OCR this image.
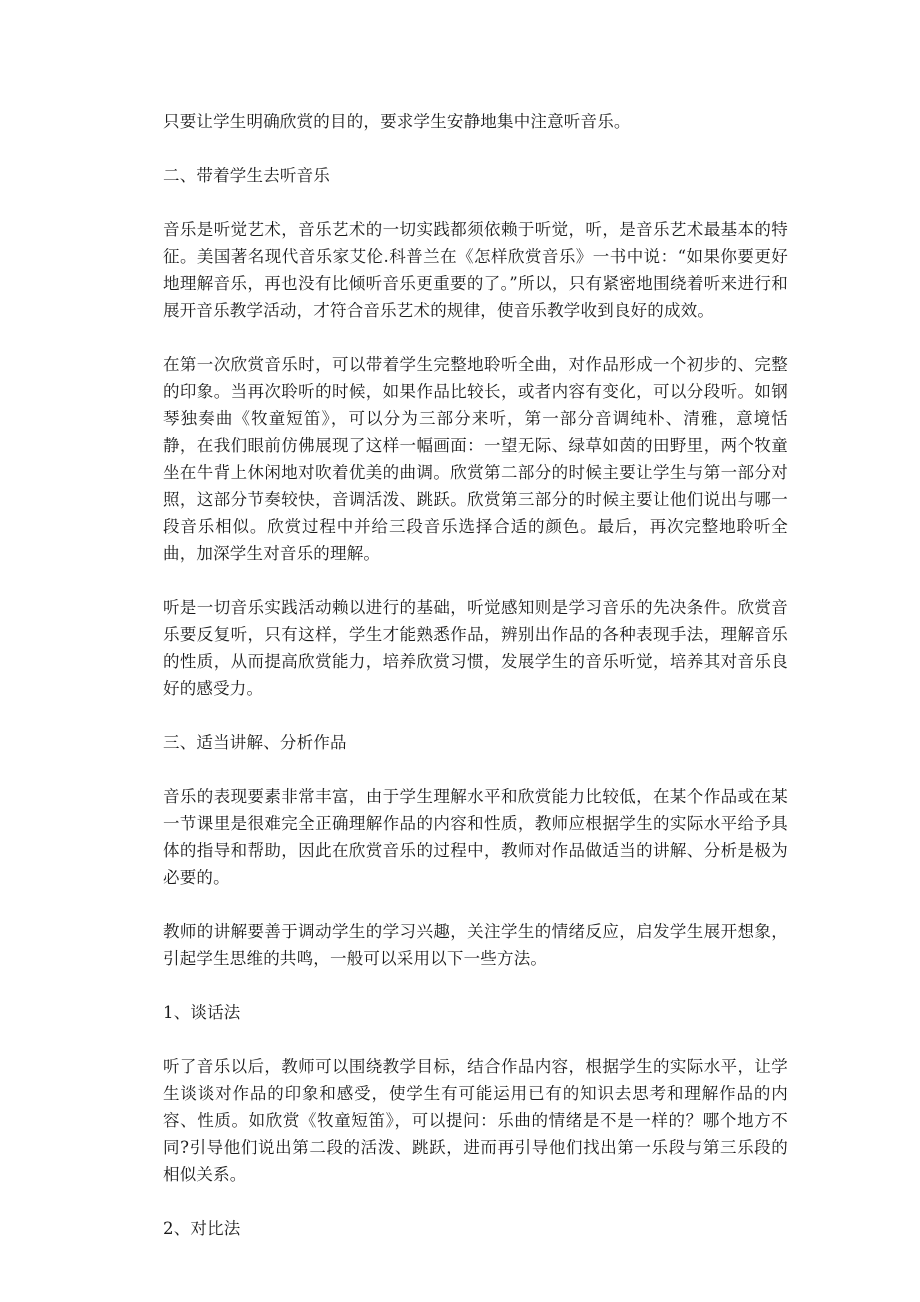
只要让学生明确欣赏的目的，要求学生安静地集中注意听音乐。

二、带着学生去听音乐

音乐是听觉艺术，音乐艺术的一切实践都须依赖于听觉，听，是音乐艺术最基本的特征。美国著名现代音乐家艾伦.科普兰在《怎样欣赏音乐》一书中说：“如果你要更好地理解音乐，再也没有比倾听音乐更重要的了。”所以，只有紧密地围绕着听来进行和展开音乐教学活动，才符合音乐艺术的规律，使音乐教学收到良好的成效。

在第一次欣赏音乐时，可以带着学生完整地聆听全曲，对作品形成一个初步的、完整的印象。当再次聆听的时候，如果作品比较长，或者内容有变化，可以分段听。如钢琴独奏曲《牧童短笛》，可以分为三部分来听，第一部分音调纯朴、清雅，意境恬静，在我们眼前仿佛展现了这样一幅画面：一望无际、绿草如茵的田野里，两个牧童坐在牛背上休闲地对吹着优美的曲调。欣赏第二部分的时候主要让学生与第一部分对照，这部分节奏较快，音调活泼、跳跃。欣赏第三部分的时候主要让他们说出与哪一段音乐相似。欣赏过程中并给三段音乐选择合适的颜色。最后，再次完整地聆听全曲，加深学生对音乐的理解。

听是一切音乐实践活动赖以进行的基础，听觉感知则是学习音乐的先决条件。欣赏音乐要反复听，只有这样，学生才能熟悉作品，辨别出作品的各种表现手法，理解音乐的性质，从而提高欣赏能力，培养欣赏习惯，发展学生的音乐听觉，培养其对音乐良好的感受力。

三、适当讲解、分析作品

音乐的表现要素非常丰富，由于学生理解水平和欣赏能力比较低，在某个作品或在某一节课里是很难完全正确理解作品的内容和性质，教师应根据学生的实际水平给予具体的指导和帮助，因此在欣赏音乐的过程中，教师对作品做适当的讲解、分析是极为必要的。

教师的讲解要善于调动学生的学习兴趣，关注学生的情绪反应，启发学生展开想象，引起学生思维的共鸣，一般可以采用以下一些方法。

1、谈话法

听了音乐以后，教师可以围绕教学目标，结合作品内容，根据学生的实际水平，让学生谈谈对作品的印象和感受，使学生有可能运用已有的知识去思考和理解作品的内容、性质。如欣赏《牧童短笛》，可以提问：乐曲的情绪是不是一样的？哪个地方不同?引导他们说出第二段的活泼、跳跃，进而再引导他们找出第一乐段与第三乐段的相似关系。

2、对比法
